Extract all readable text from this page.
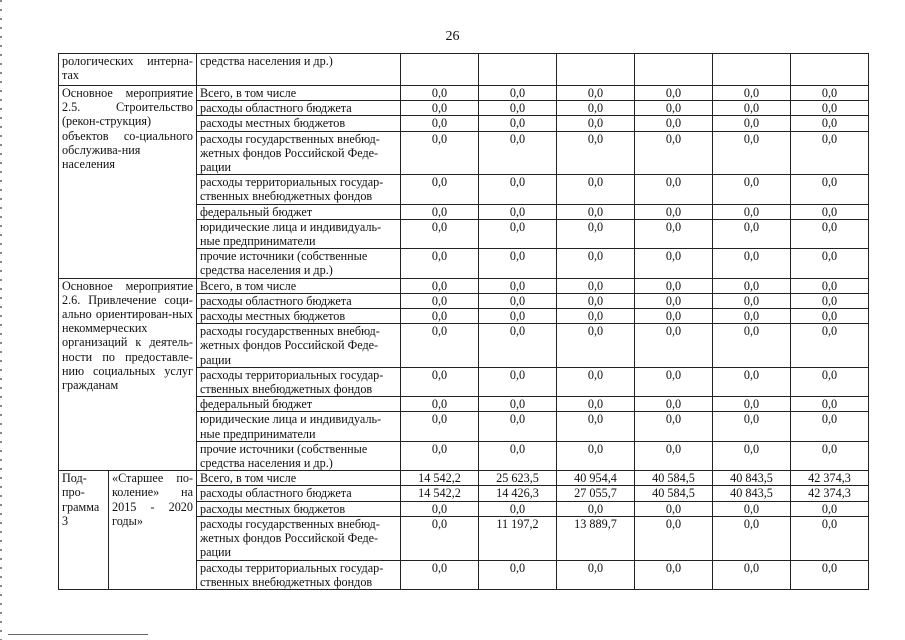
26
рологических интерна-тах		средства населения и др.)						
Основное мероприятие 2.5. Строительство (рекон-струкция) объектов со-циального обслужива-ния населения		Всего, в том числе	0,0	0,0	0,0	0,0	0,0	0,0
		расходы областного бюджета	0,0	0,0	0,0	0,0	0,0	0,0
		расходы местных бюджетов	0,0	0,0	0,0	0,0	0,0	0,0
		расходы государственных внебюд-жетных фондов Российской Феде-рации	0,0	0,0	0,0	0,0	0,0	0,0
		расходы территориальных государ-ственных внебюджетных фондов	0,0	0,0	0,0	0,0	0,0	0,0
		федеральный бюджет	0,0	0,0	0,0	0,0	0,0	0,0
		юридические лица и индивидуаль-ные предприниматели	0,0	0,0	0,0	0,0	0,0	0,0
		прочие источники (собственные средства населения и др.)	0,0	0,0	0,0	0,0	0,0	0,0
Основное мероприятие 2.6. Привлечение соци-ально ориентирован-ных некоммерческих организаций к деятель-ности по предоставле-нию социальных услуг гражданам		Всего, в том числе	0,0	0,0	0,0	0,0	0,0	0,0
		расходы областного бюджета	0,0	0,0	0,0	0,0	0,0	0,0
		расходы местных бюджетов	0,0	0,0	0,0	0,0	0,0	0,0
		расходы государственных внебюд-жетных фондов Российской Феде-рации	0,0	0,0	0,0	0,0	0,0	0,0
		расходы территориальных государ-ственных внебюджетных фондов	0,0	0,0	0,0	0,0	0,0	0,0
		федеральный бюджет	0,0	0,0	0,0	0,0	0,0	0,0
		юридические лица и индивидуаль-ные предприниматели	0,0	0,0	0,0	0,0	0,0	0,0
		прочие источники (собственные средства населения и др.)	0,0	0,0	0,0	0,0	0,0	0,0
Под-про-грамма 3	«Старшее по-коление» на 2015 - 2020 годы»	Всего, в том числе	14 542,2	25 623,5	40 954,4	40 584,5	40 843,5	42 374,3
		расходы областного бюджета	14 542,2	14 426,3	27 055,7	40 584,5	40 843,5	42 374,3
		расходы местных бюджетов	0,0	0,0	0,0	0,0	0,0	0,0
		расходы государственных внебюд-жетных фондов Российской Феде-рации	0,0	11 197,2	13 889,7	0,0	0,0	0,0
		расходы территориальных государ-ственных внебюджетных фондов	0,0	0,0	0,0	0,0	0,0	0,0
